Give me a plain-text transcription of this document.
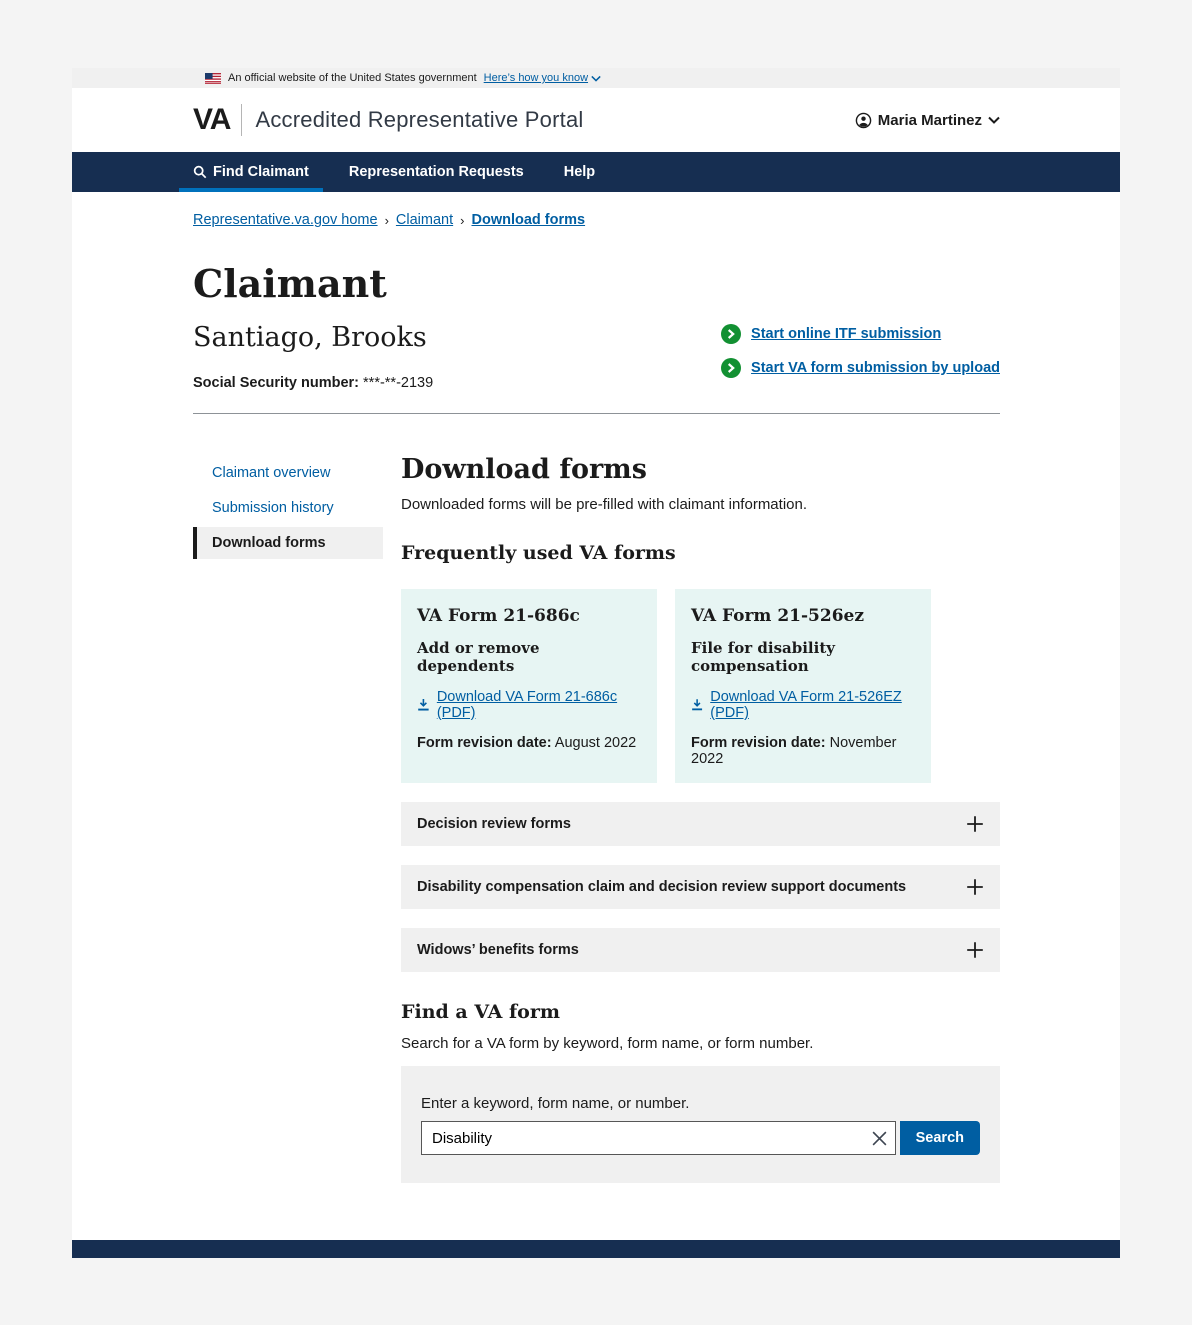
An official website of the United States government Here’s how you know
VA Accredited Representative Portal	Maria Martinez
Find Claimant	Representation Requests	Help
Representative.va.gov home › Claimant › Download forms
Claimant
Santiago, Brooks
Social Security number: ***-**-2139
Start online ITF submission
Start VA form submission by upload
Claimant overview
Submission history
Download forms
Download forms

Downloaded forms will be pre-filled with claimant information.

Frequently used VA forms
VA Form 21-686c
Add or remove dependents
Download VA Form 21-686c (PDF)
Form revision date: August 2022
VA Form 21-526ez
File for disability compensation
Download VA Form 21-526EZ (PDF)
Form revision date: November 2022
Decision review forms
Disability compensation claim and decision review support documents
Widows’ benefits forms
Find a VA form

Search for a VA form by keyword, form name, or form number.

Enter a keyword, form name, or number.
Disability
Search
